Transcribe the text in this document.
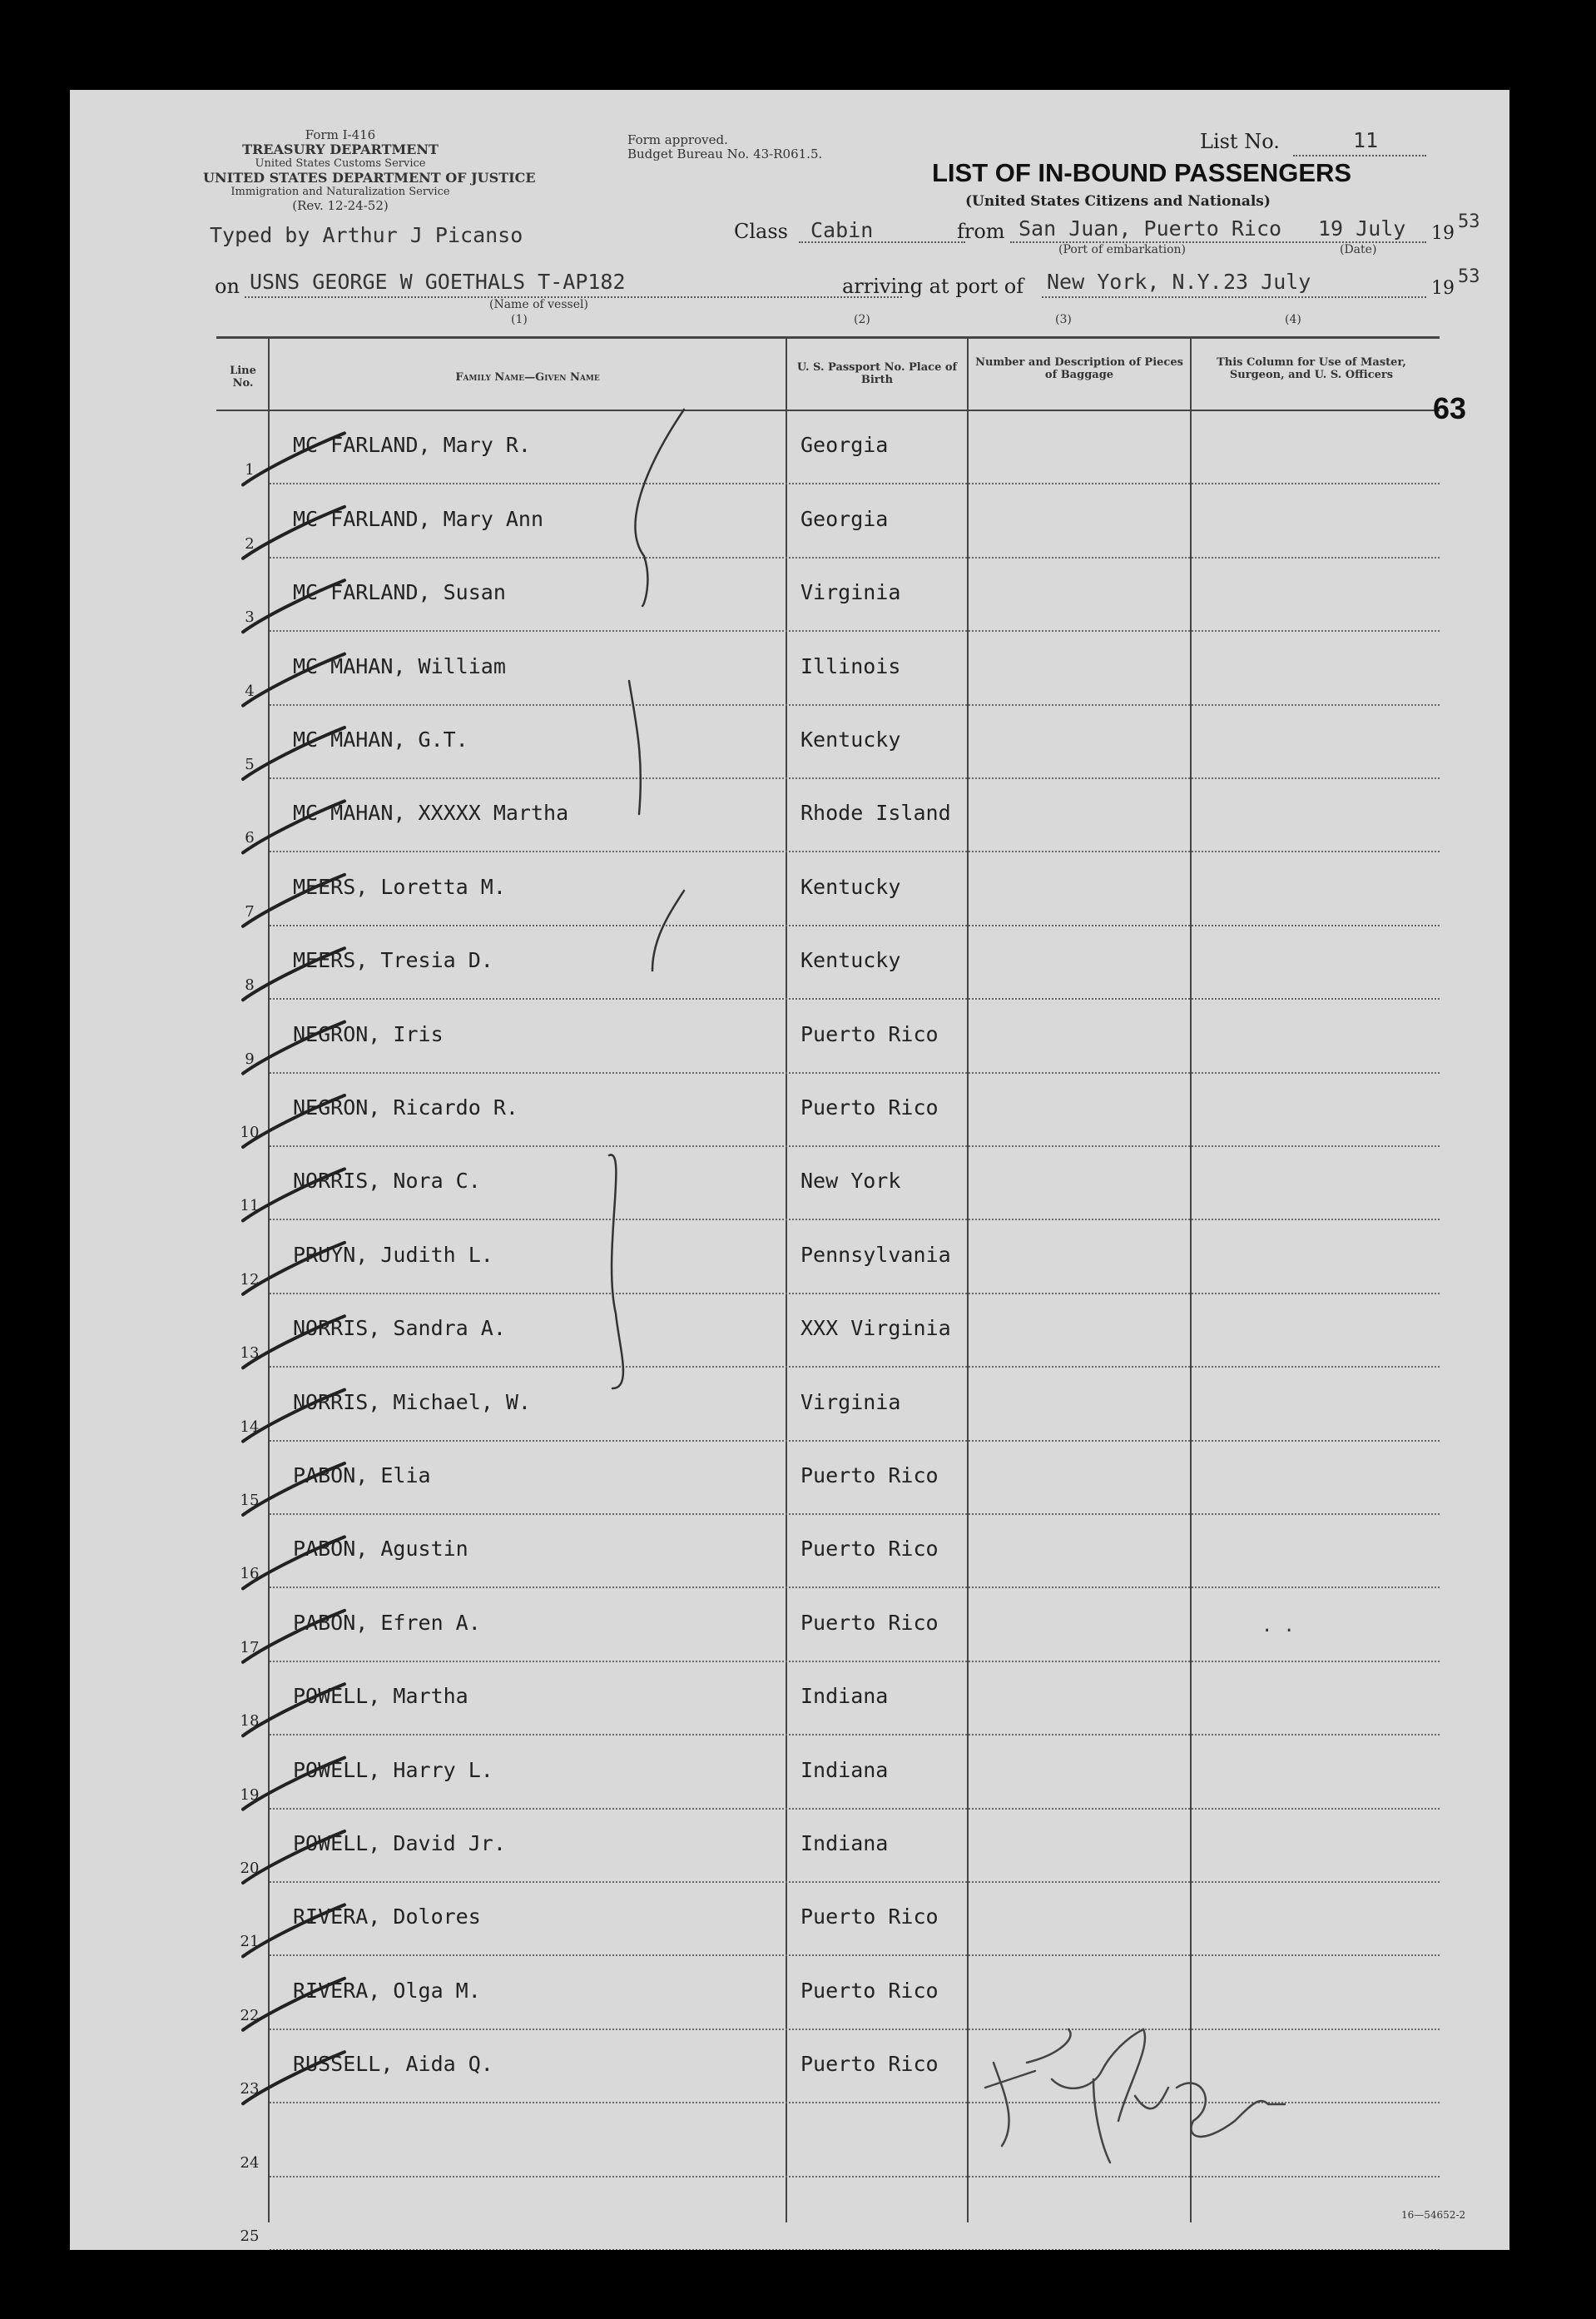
Form I-416
TREASURY DEPARTMENT
United States Customs Service
UNITED STATES DEPARTMENT OF JUSTICE
Immigration and Naturalization Service
(Rev. 12-24-52)
Form approved.
Budget Bureau No. 43-R061.5.
List No.	11
LIST OF IN-BOUND PASSENGERS
(United States Citizens and Nationals)
Typed by Arthur J Picanso	Class Cabin	from San Juan, Puerto Rico 19 July 19
53
(Port of embarkation)	(Date)
on USNS GEORGE W GOETHALS T-AP182	arriving at port of New York, N.Y. 23 July	19
53
(Name of vessel)
(1)	(2)	(3)	(4)
Line No.	Family Name—Given Name
U. S. Passport No. Place of Birth
Number and Description of Pieces of Baggage
This Column for Use of Master, Surgeon, and U. S. Officers
63
1
MC FARLAND, Mary R.	Georgia
2
MC FARLAND, Mary Ann	Georgia
3
MC FARLAND, Susan	Virginia
4
MC MAHAN, William	Illinois
5
MC MAHAN, G.T.	Kentucky
6
MC MAHAN, XXXXX Martha	Rhode Island
7
MEERS, Loretta M.	Kentucky
8
MEERS, Tresia D.	Kentucky
9
NEGRON, Iris	Puerto Rico
10
NEGRON, Ricardo R.	Puerto Rico
11
NORRIS, Nora C.	New York
12
PRUYN, Judith L.	Pennsylvania
13
NORRIS, Sandra A.	XXX Virginia
14
NORRIS, Michael, W.	Virginia
15
PABON, Elia	Puerto Rico
16
PABON, Agustin	Puerto Rico
17
PABON, Efren A.	Puerto Rico
18
POWELL, Martha	Indiana
19
POWELL, Harry L.	Indiana
20
POWELL, David Jr.	Indiana
21
RIVERA, Dolores	Puerto Rico
22
RIVERA, Olga M.	Puerto Rico
23
RUSSELL, Aida Q.	Puerto Rico
24
25
. .
16—54652-2
